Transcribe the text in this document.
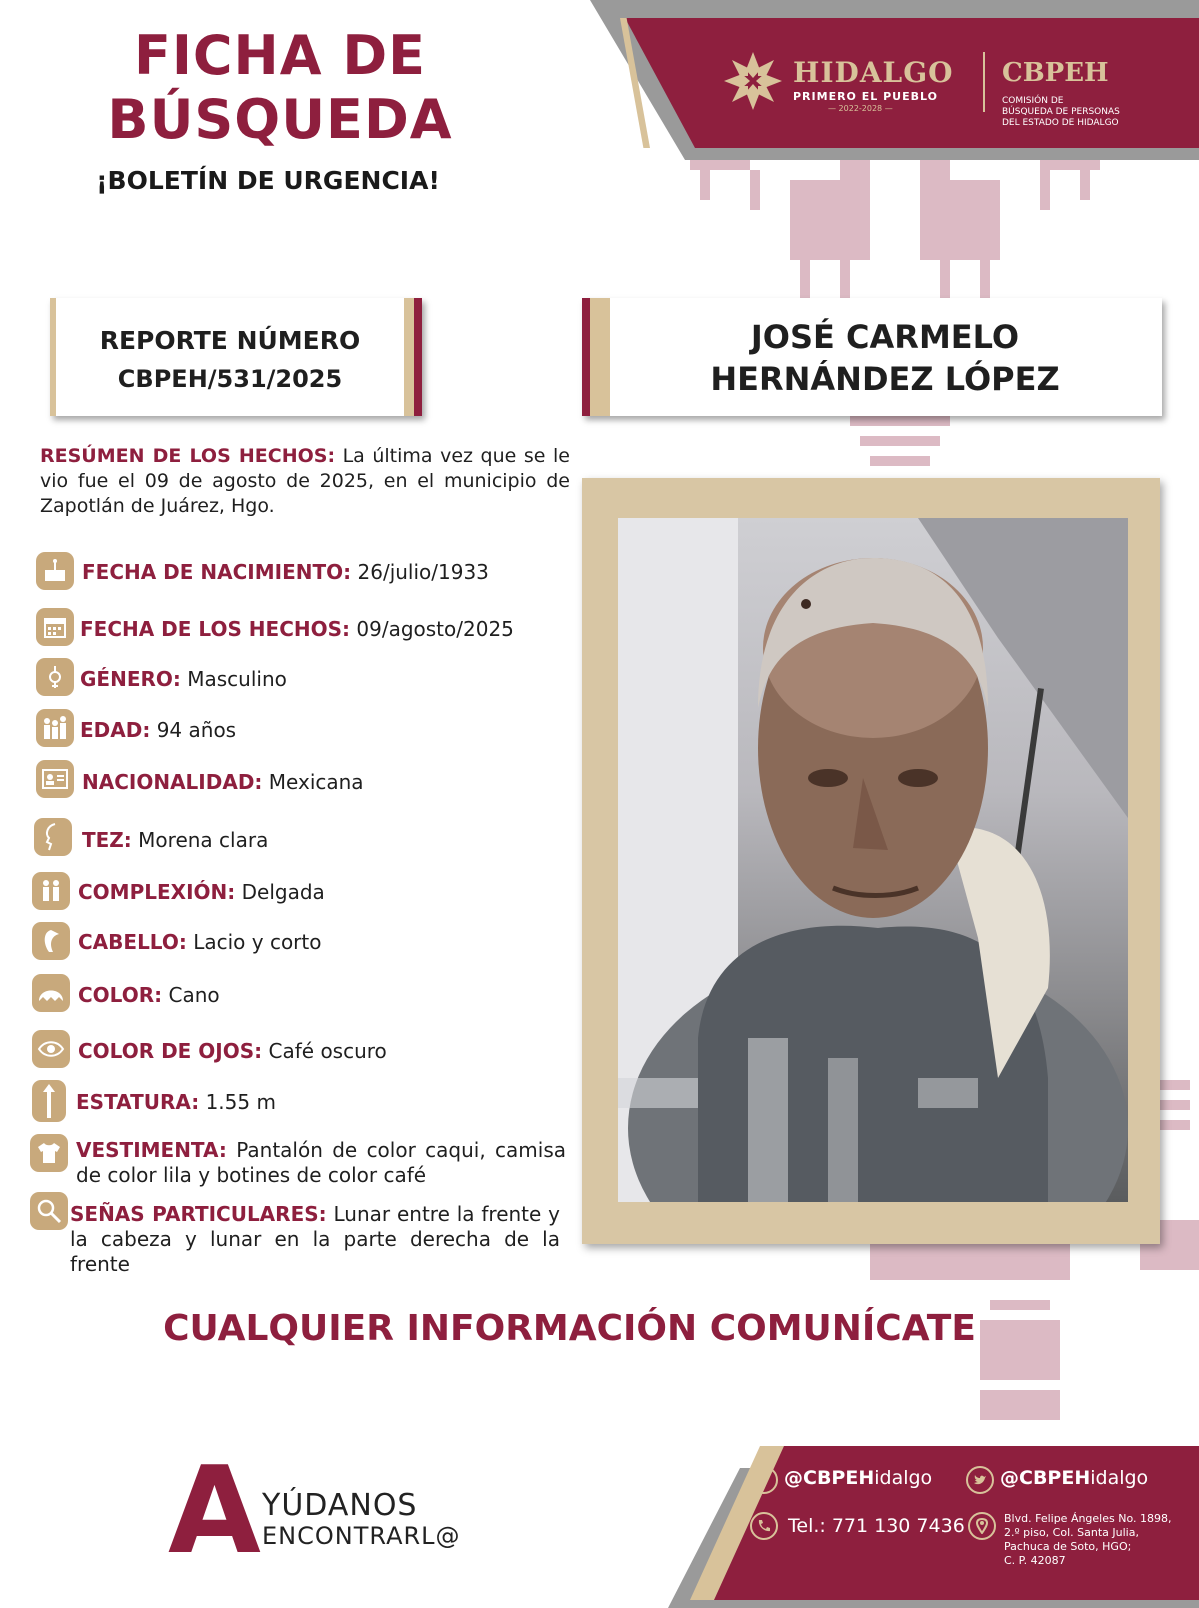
FICHA DE
BÚSQUEDA
¡BOLETÍN DE URGENCIA!
HIDALGO
PRIMERO EL PUEBLO
— 2022-2028 —
CBPEH
COMISIÓN DE
BÚSQUEDA DE PERSONAS
DEL ESTADO DE HIDALGO
REPORTE NÚMERO
CBPEH/531/2025
JOSÉ CARMELO
HERNÁNDEZ LÓPEZ
RESÚMEN DE LOS HECHOS: La última vez que se le vio fue el 09 de agosto de 2025, en el municipio de Zapotlán de Juárez, Hgo.
FECHA DE NACIMIENTO: 26/julio/1933
FECHA DE LOS HECHOS: 09/agosto/2025
GÉNERO: Masculino
EDAD: 94 años
NACIONALIDAD: Mexicana
TEZ: Morena clara
COMPLEXIÓN: Delgada
CABELLO: Lacio y corto
COLOR: Cano
COLOR DE OJOS: Café oscuro
ESTATURA: 1.55 m
VESTIMENTA: Pantalón de color caqui, camisa de color lila y botines de color café
SEÑAS PARTICULARES: Lunar entre la frente y la cabeza y lunar en la parte derecha de la frente
CUALQUIER INFORMACIÓN COMUNÍCATE
A YÚDANOS
ENCONTRARL@
f @CBPEHidalgo	@CBPEHidalgo
Tel.: 771 130 7436	Blvd. Felipe Ángeles No. 1898,
2.º piso, Col. Santa Julia,
Pachuca de Soto, HGO;
C. P. 42087
